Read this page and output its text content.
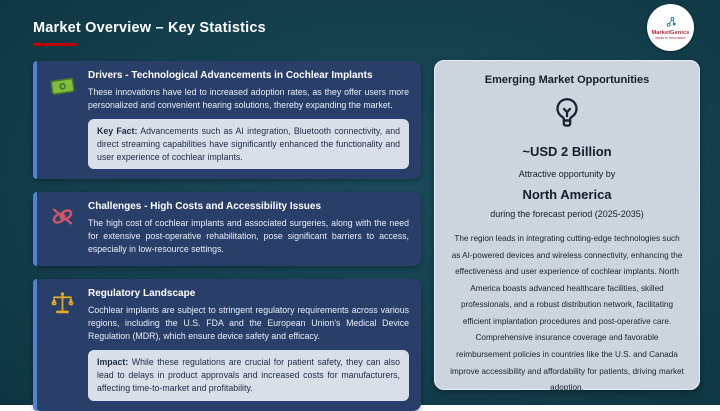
Market Overview – Key Statistics	MarketGenics
Ideas to Innovation
Drivers - Technological Advancements in Cochlear Implants
These innovations have led to increased adoption rates, as they offer users more personalized and convenient hearing solutions, thereby expanding the market.
Key Fact: Advancements such as AI integration, Bluetooth connectivity, and direct streaming capabilities have significantly enhanced the functionality and user experience of cochlear implants.
Challenges - High Costs and Accessibility Issues
The high cost of cochlear implants and associated surgeries, along with the need for extensive post-operative rehabilitation, pose significant barriers to access, especially in low-resource settings.
Regulatory Landscape
Cochlear implants are subject to stringent regulatory requirements across various regions, including the U.S. FDA and the European Union's Medical Device Regulation (MDR), which ensure device safety and efficacy.
Impact: While these regulations are crucial for patient safety, they can also lead to delays in product approvals and increased costs for manufacturers, affecting time-to-market and profitability.
Emerging Market Opportunities
~USD 2 Billion
Attractive opportunity by
North America
during the forecast period (2025-2035)
The region leads in integrating cutting-edge technologies such as AI-powered devices and wireless connectivity, enhancing the effectiveness and user experience of cochlear implants. North America boasts advanced healthcare facilities, skilled professionals, and a robust distribution network, facilitating efficient implantation procedures and post-operative care. Comprehensive insurance coverage and favorable reimbursement policies in countries like the U.S. and Canada improve accessibility and affordability for patients, driving market adoption.
